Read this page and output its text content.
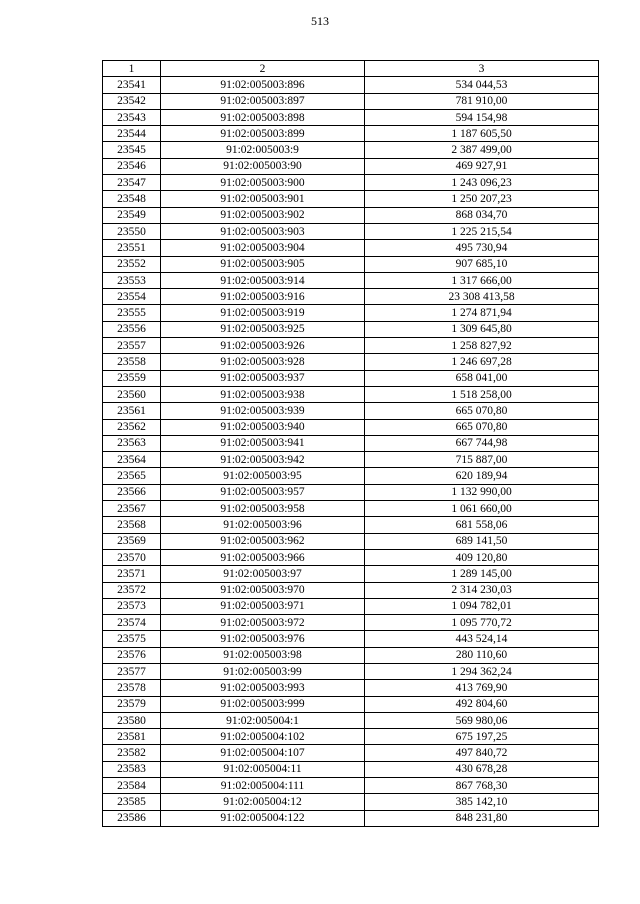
513
1	2	3
23541	91:02:005003:896	534 044,53
23542	91:02:005003:897	781 910,00
23543	91:02:005003:898	594 154,98
23544	91:02:005003:899	1 187 605,50
23545	91:02:005003:9	2 387 499,00
23546	91:02:005003:90	469 927,91
23547	91:02:005003:900	1 243 096,23
23548	91:02:005003:901	1 250 207,23
23549	91:02:005003:902	868 034,70
23550	91:02:005003:903	1 225 215,54
23551	91:02:005003:904	495 730,94
23552	91:02:005003:905	907 685,10
23553	91:02:005003:914	1 317 666,00
23554	91:02:005003:916	23 308 413,58
23555	91:02:005003:919	1 274 871,94
23556	91:02:005003:925	1 309 645,80
23557	91:02:005003:926	1 258 827,92
23558	91:02:005003:928	1 246 697,28
23559	91:02:005003:937	658 041,00
23560	91:02:005003:938	1 518 258,00
23561	91:02:005003:939	665 070,80
23562	91:02:005003:940	665 070,80
23563	91:02:005003:941	667 744,98
23564	91:02:005003:942	715 887,00
23565	91:02:005003:95	620 189,94
23566	91:02:005003:957	1 132 990,00
23567	91:02:005003:958	1 061 660,00
23568	91:02:005003:96	681 558,06
23569	91:02:005003:962	689 141,50
23570	91:02:005003:966	409 120,80
23571	91:02:005003:97	1 289 145,00
23572	91:02:005003:970	2 314 230,03
23573	91:02:005003:971	1 094 782,01
23574	91:02:005003:972	1 095 770,72
23575	91:02:005003:976	443 524,14
23576	91:02:005003:98	280 110,60
23577	91:02:005003:99	1 294 362,24
23578	91:02:005003:993	413 769,90
23579	91:02:005003:999	492 804,60
23580	91:02:005004:1	569 980,06
23581	91:02:005004:102	675 197,25
23582	91:02:005004:107	497 840,72
23583	91:02:005004:11	430 678,28
23584	91:02:005004:111	867 768,30
23585	91:02:005004:12	385 142,10
23586	91:02:005004:122	848 231,80
